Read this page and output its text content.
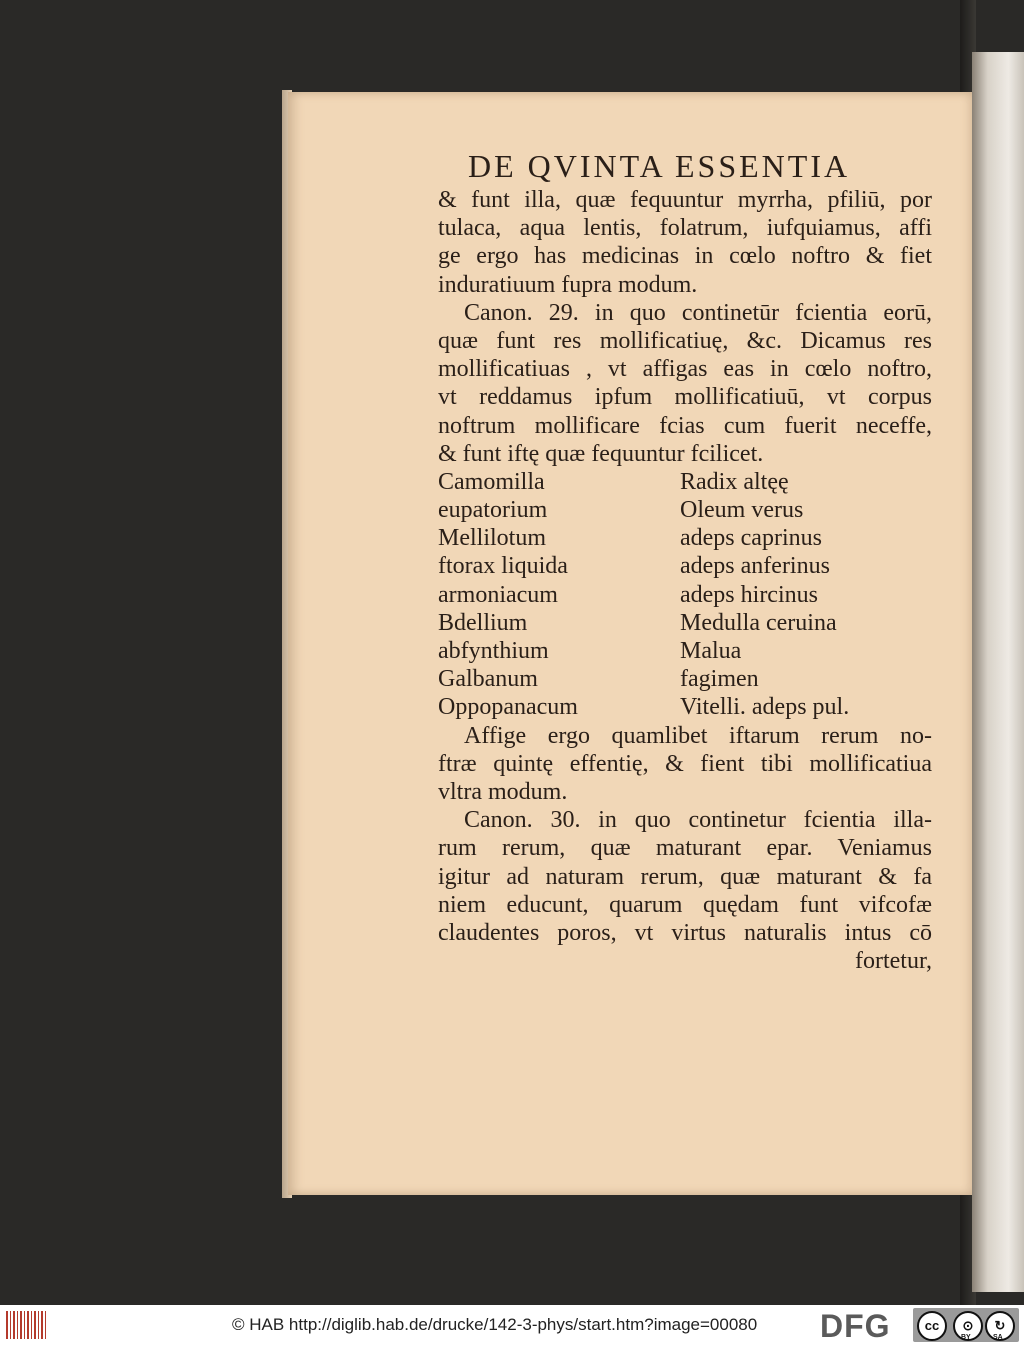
DE QVINTA ESSENTIA
& funt illa, quæ fequuntur myrrha, pfiliū, por
tulaca, aqua lentis, folatrum, iufquiamus, affi
ge ergo has medicinas in cœlo noftro & fiet
induratiuum fupra modum.
Canon. 29. in quo continetūr fcientia eorū,
quæ funt res mollificatiuę, &c. Dicamus res
mollificatiuas , vt affigas eas in cœlo noftro,
vt reddamus ipfum mollificatiuū, vt corpus
noftrum mollificare fcias cum fuerit neceffe,
& funt iftę quæ fequuntur fcilicet.
Camomilla	Radix altęę
eupatorium	Oleum verus
Mellilotum	adeps caprinus
ftorax liquida	adeps anferinus
armoniacum	adeps hircinus
Bdellium	Medulla ceruina
abfynthium	Malua
Galbanum	fagimen
Oppopanacum	Vitelli. adeps pul.
Affige ergo quamlibet iftarum rerum no-
ftræ quintę effentię, & fient tibi mollificatiua
vltra modum.
Canon. 30. in quo continetur fcientia illa-
rum rerum, quæ maturant epar. Veniamus
igitur ad naturam rerum, quæ maturant & fa
niem educunt, quarum quędam funt vifcofæ
claudentes poros, vt virtus naturalis intus cō
fortetur,
© HAB http://diglib.hab.de/drucke/142-3-phys/start.htm?image=00080 DFG	cc	⊙	↻
BY	SA
